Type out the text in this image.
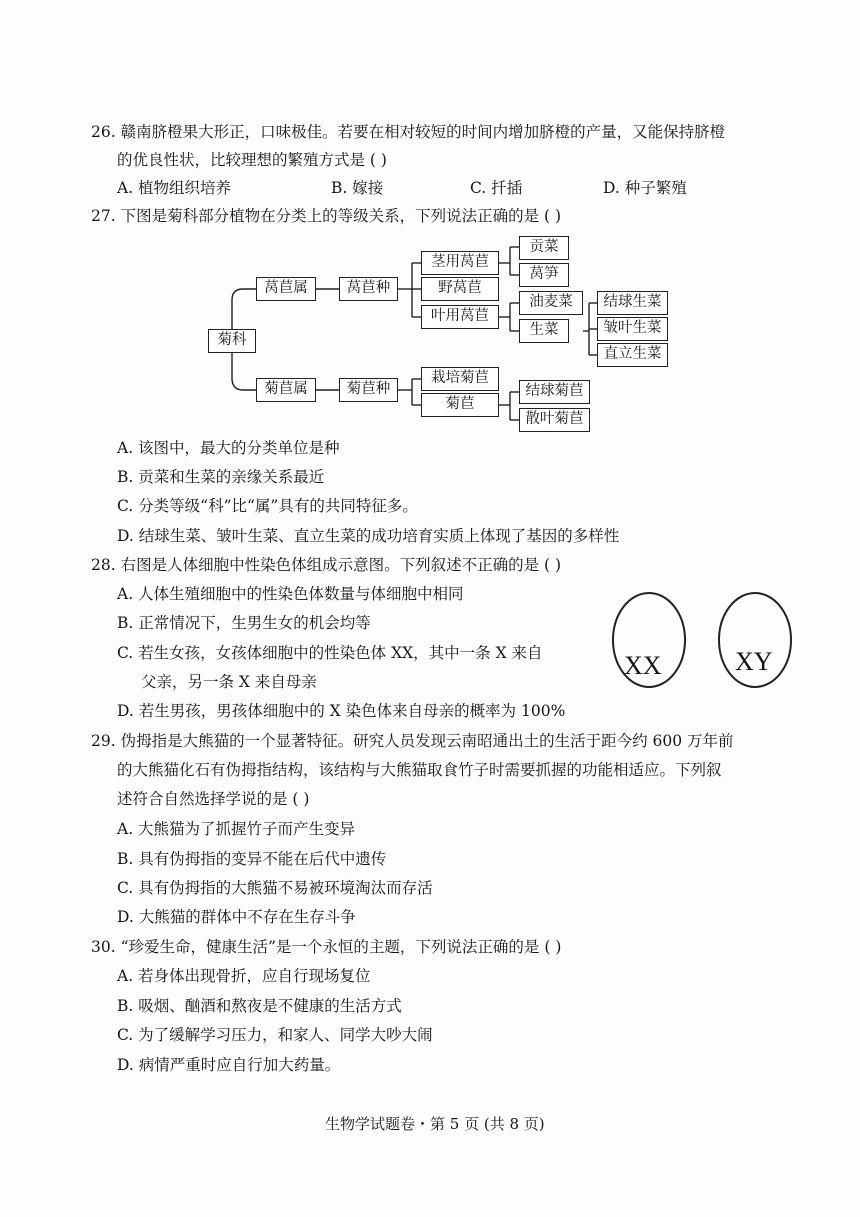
26. 赣南脐橙果大形正，口味极佳。若要在相对较短的时间内增加脐橙的产量，又能保持脐橙
的优良性状，比较理想的繁殖方式是 ( )
A. 植物组织培养	B. 嫁接	C. 扦插	D. 种子繁殖
27. 下图是菊科部分植物在分类上的等级关系，下列说法正确的是 ( )
菊科
莴苣属	莴苣种
茎用莴苣
野莴苣
叶用莴苣
贡菜
莴笋
油麦菜
生菜
结球生菜
皱叶生菜
直立生菜
菊苣属	菊苣种
栽培菊苣
菊苣
结球菊苣
散叶菊苣
A. 该图中，最大的分类单位是种
B. 贡菜和生菜的亲缘关系最近
C. 分类等级“科”比“属”具有的共同特征多。
D. 结球生菜、皱叶生菜、直立生菜的成功培育实质上体现了基因的多样性
28. 右图是人体细胞中性染色体组成示意图。下列叙述不正确的是 ( )
A. 人体生殖细胞中的性染色体数量与体细胞中相同
B. 正常情况下，生男生女的机会均等
C. 若生女孩，女孩体细胞中的性染色体 XX，其中一条 X 来自
父亲，另一条 X 来自母亲
D. 若生男孩，男孩体细胞中的 X 染色体来自母亲的概率为 100%
XX	XY
29. 伪拇指是大熊猫的一个显著特征。研究人员发现云南昭通出土的生活于距今约 600 万年前
的大熊猫化石有伪拇指结构，该结构与大熊猫取食竹子时需要抓握的功能相适应。下列叙
述符合自然选择学说的是 ( )
A. 大熊猫为了抓握竹子而产生变异
B. 具有伪拇指的变异不能在后代中遗传
C. 具有伪拇指的大熊猫不易被环境淘汰而存活
D. 大熊猫的群体中不存在生存斗争
30. “珍爱生命，健康生活”是一个永恒的主题，下列说法正确的是 ( )
A. 若身体出现骨折，应自行现场复位
B. 吸烟、酗酒和熬夜是不健康的生活方式
C. 为了缓解学习压力，和家人、同学大吵大闹
D. 病情严重时应自行加大药量。
生物学试题卷・第 5 页 (共 8 页)
